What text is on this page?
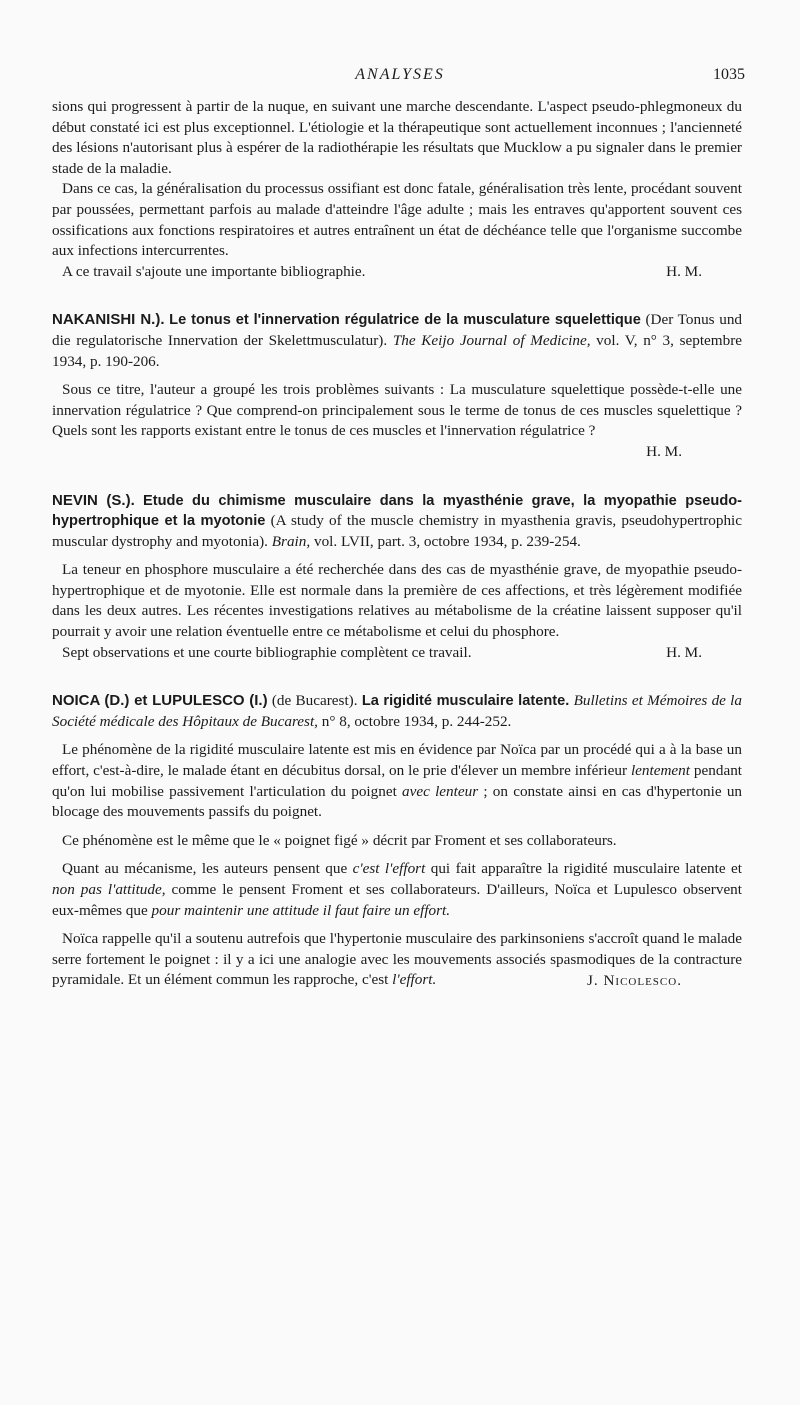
ANALYSES	1035

sions qui progressent à partir de la nuque, en suivant une marche descendante. L'aspect pseudo-phlegmoneux du début constaté ici est plus exceptionnel. L'étiologie et la thérapeutique sont actuellement inconnues ; l'ancienneté des lésions n'autorisant plus à espérer de la radiothérapie les résultats que Mucklow a pu signaler dans le premier stade de la maladie.

Dans ce cas, la généralisation du processus ossifiant est donc fatale, généralisation très lente, procédant souvent par poussées, permettant parfois au malade d'atteindre l'âge adulte ; mais les entraves qu'apportent souvent ces ossifications aux fonctions respiratoires et autres entraînent un état de déchéance telle que l'organisme succombe aux infections intercurrentes.

A ce travail s'ajoute une importante bibliographie.	H. M.

NAKANISHI N.). Le tonus et l'innervation régulatrice de la musculature squelettique (Der Tonus und die regulatorische Innervation der Skelettmusculatur). The Keijo Journal of Medicine, vol. V, n° 3, septembre 1934, p. 190-206.

Sous ce titre, l'auteur a groupé les trois problèmes suivants : La musculature squelettique possède-t-elle une innervation régulatrice ? Que comprend-on principalement sous le terme de tonus de ces muscles squelettique ? Quels sont les rapports existant entre le tonus de ces muscles et l'innervation régulatrice ?

H. M.

NEVIN (S.). Etude du chimisme musculaire dans la myasthénie grave, la myopathie pseudo-hypertrophique et la myotonie (A study of the muscle chemistry in myasthenia gravis, pseudohypertrophic muscular dystrophy and myotonia). Brain, vol. LVII, part. 3, octobre 1934, p. 239-254.

La teneur en phosphore musculaire a été recherchée dans des cas de myasthénie grave, de myopathie pseudo-hypertrophique et de myotonie. Elle est normale dans la première de ces affections, et très légèrement modifiée dans les deux autres. Les récentes investigations relatives au métabolisme de la créatine laissent supposer qu'il pourrait y avoir une relation éventuelle entre ce métabolisme et celui du phosphore.

Sept observations et une courte bibliographie complètent ce travail.	H. M.

NOICA (D.) et LUPULESCO (I.) (de Bucarest). La rigidité musculaire latente. Bulletins et Mémoires de la Société médicale des Hôpitaux de Bucarest, n° 8, octobre 1934, p. 244-252.

Le phénomène de la rigidité musculaire latente est mis en évidence par Noïca par un procédé qui a à la base un effort, c'est-à-dire, le malade étant en décubitus dorsal, on le prie d'élever un membre inférieur lentement pendant qu'on lui mobilise passivement l'articulation du poignet avec lenteur ; on constate ainsi en cas d'hypertonie un blocage des mouvements passifs du poignet.

Ce phénomène est le même que le « poignet figé » décrit par Froment et ses collaborateurs.

Quant au mécanisme, les auteurs pensent que c'est l'effort qui fait apparaître la rigidité musculaire latente et non pas l'attitude, comme le pensent Froment et ses collaborateurs. D'ailleurs, Noïca et Lupulesco observent eux-mêmes que pour maintenir une attitude il faut faire un effort.

Noïca rappelle qu'il a soutenu autrefois que l'hypertonie musculaire des parkinsoniens s'accroît quand le malade serre fortement le poignet : il y a ici une analogie avec les mouvements associés spasmodiques de la contracture pyramidale. Et un élément commun les rapproche, c'est l'effort.	J. Nicolesco.
